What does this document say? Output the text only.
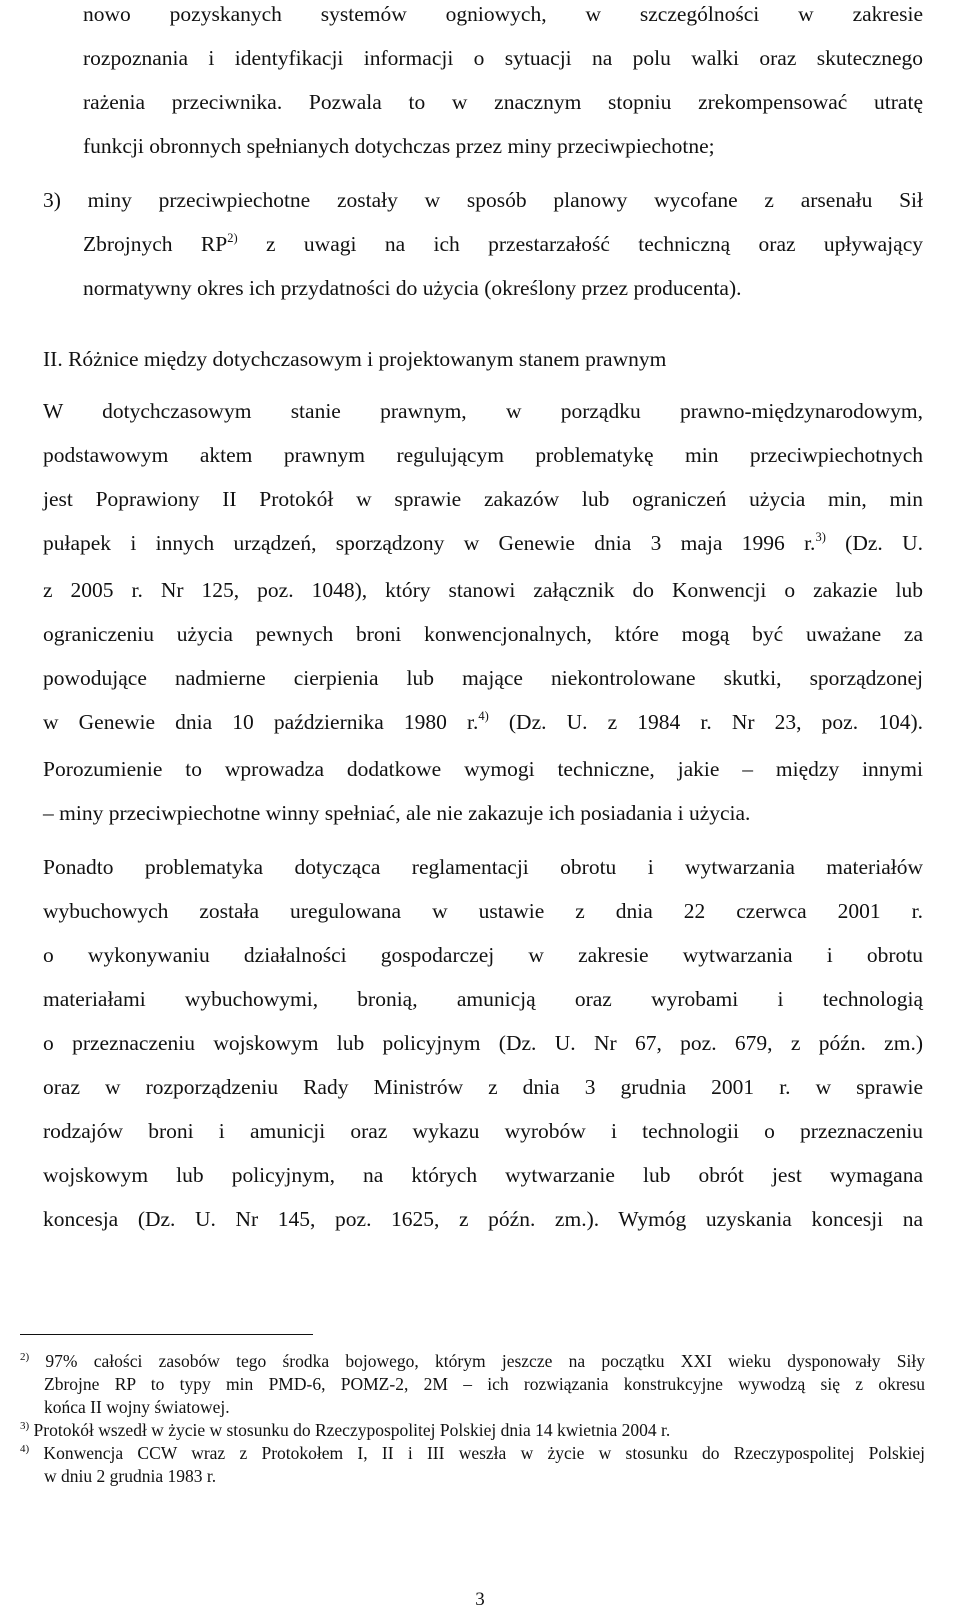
nowo pozyskanych systemów ogniowych, w szczególności w zakresie
rozpoznania i identyfikacji informacji o sytuacji na polu walki oraz skutecznego
rażenia przeciwnika. Pozwala to w znacznym stopniu zrekompensować utratę
funkcji obronnych spełnianych dotychczas przez miny przeciwpiechotne;
3) miny przeciwpiechotne zostały w sposób planowy wycofane z arsenału Sił
Zbrojnych RP$^{2)}$ z uwagi na ich przestarzałość techniczną oraz upływający
normatywny okres ich przydatności do użycia (określony przez producenta).
II. Różnice między dotychczasowym i projektowanym stanem prawnym
W dotychczasowym stanie prawnym, w porządku prawno-międzynarodowym,
podstawowym aktem prawnym regulującym problematykę min przeciwpiechotnych
jest Poprawiony II Protokół w sprawie zakazów lub ograniczeń użycia min, min
pułapek i innych urządzeń, sporządzony w Genewie dnia 3 maja 1996 r.$^{3)}$ (Dz. U.
z 2005 r. Nr 125, poz. 1048), który stanowi załącznik do Konwencji o zakazie lub
ograniczeniu użycia pewnych broni konwencjonalnych, które mogą być uważane za
powodujące nadmierne cierpienia lub mające niekontrolowane skutki, sporządzonej
w Genewie dnia 10 października 1980 r.$^{4)}$ (Dz. U. z 1984 r. Nr 23, poz. 104).
Porozumienie to wprowadza dodatkowe wymogi techniczne, jakie – między innymi
– miny przeciwpiechotne winny spełniać, ale nie zakazuje ich posiadania i użycia.
Ponadto problematyka dotycząca reglamentacji obrotu i wytwarzania materiałów
wybuchowych została uregulowana w ustawie z dnia 22 czerwca 2001 r.
o wykonywaniu działalności gospodarczej w zakresie wytwarzania i obrotu
materiałami wybuchowymi, bronią, amunicją oraz wyrobami i technologią
o przeznaczeniu wojskowym lub policyjnym (Dz. U. Nr 67, poz. 679, z późn. zm.)
oraz w rozporządzeniu Rady Ministrów z dnia 3 grudnia 2001 r. w sprawie
rodzajów broni i amunicji oraz wykazu wyrobów i technologii o przeznaczeniu
wojskowym lub policyjnym, na których wytwarzanie lub obrót jest wymagana
koncesja (Dz. U. Nr 145, poz. 1625, z późn. zm.). Wymóg uzyskania koncesji na
$^{2)}$ 97% całości zasobów tego środka bojowego, którym jeszcze na początku XXI wieku dysponowały Siły
Zbrojne RP to typy min PMD-6, POMZ-2, 2M – ich rozwiązania konstrukcyjne wywodzą się z okresu
końca II wojny światowej.
$^{3)}$ Protokół wszedł w życie w stosunku do Rzeczypospolitej Polskiej dnia 14 kwietnia 2004 r.
$^{4)}$ Konwencja CCW wraz z Protokołem I, II i III weszła w życie w stosunku do Rzeczypospolitej Polskiej
w dniu 2 grudnia 1983 r.
3
